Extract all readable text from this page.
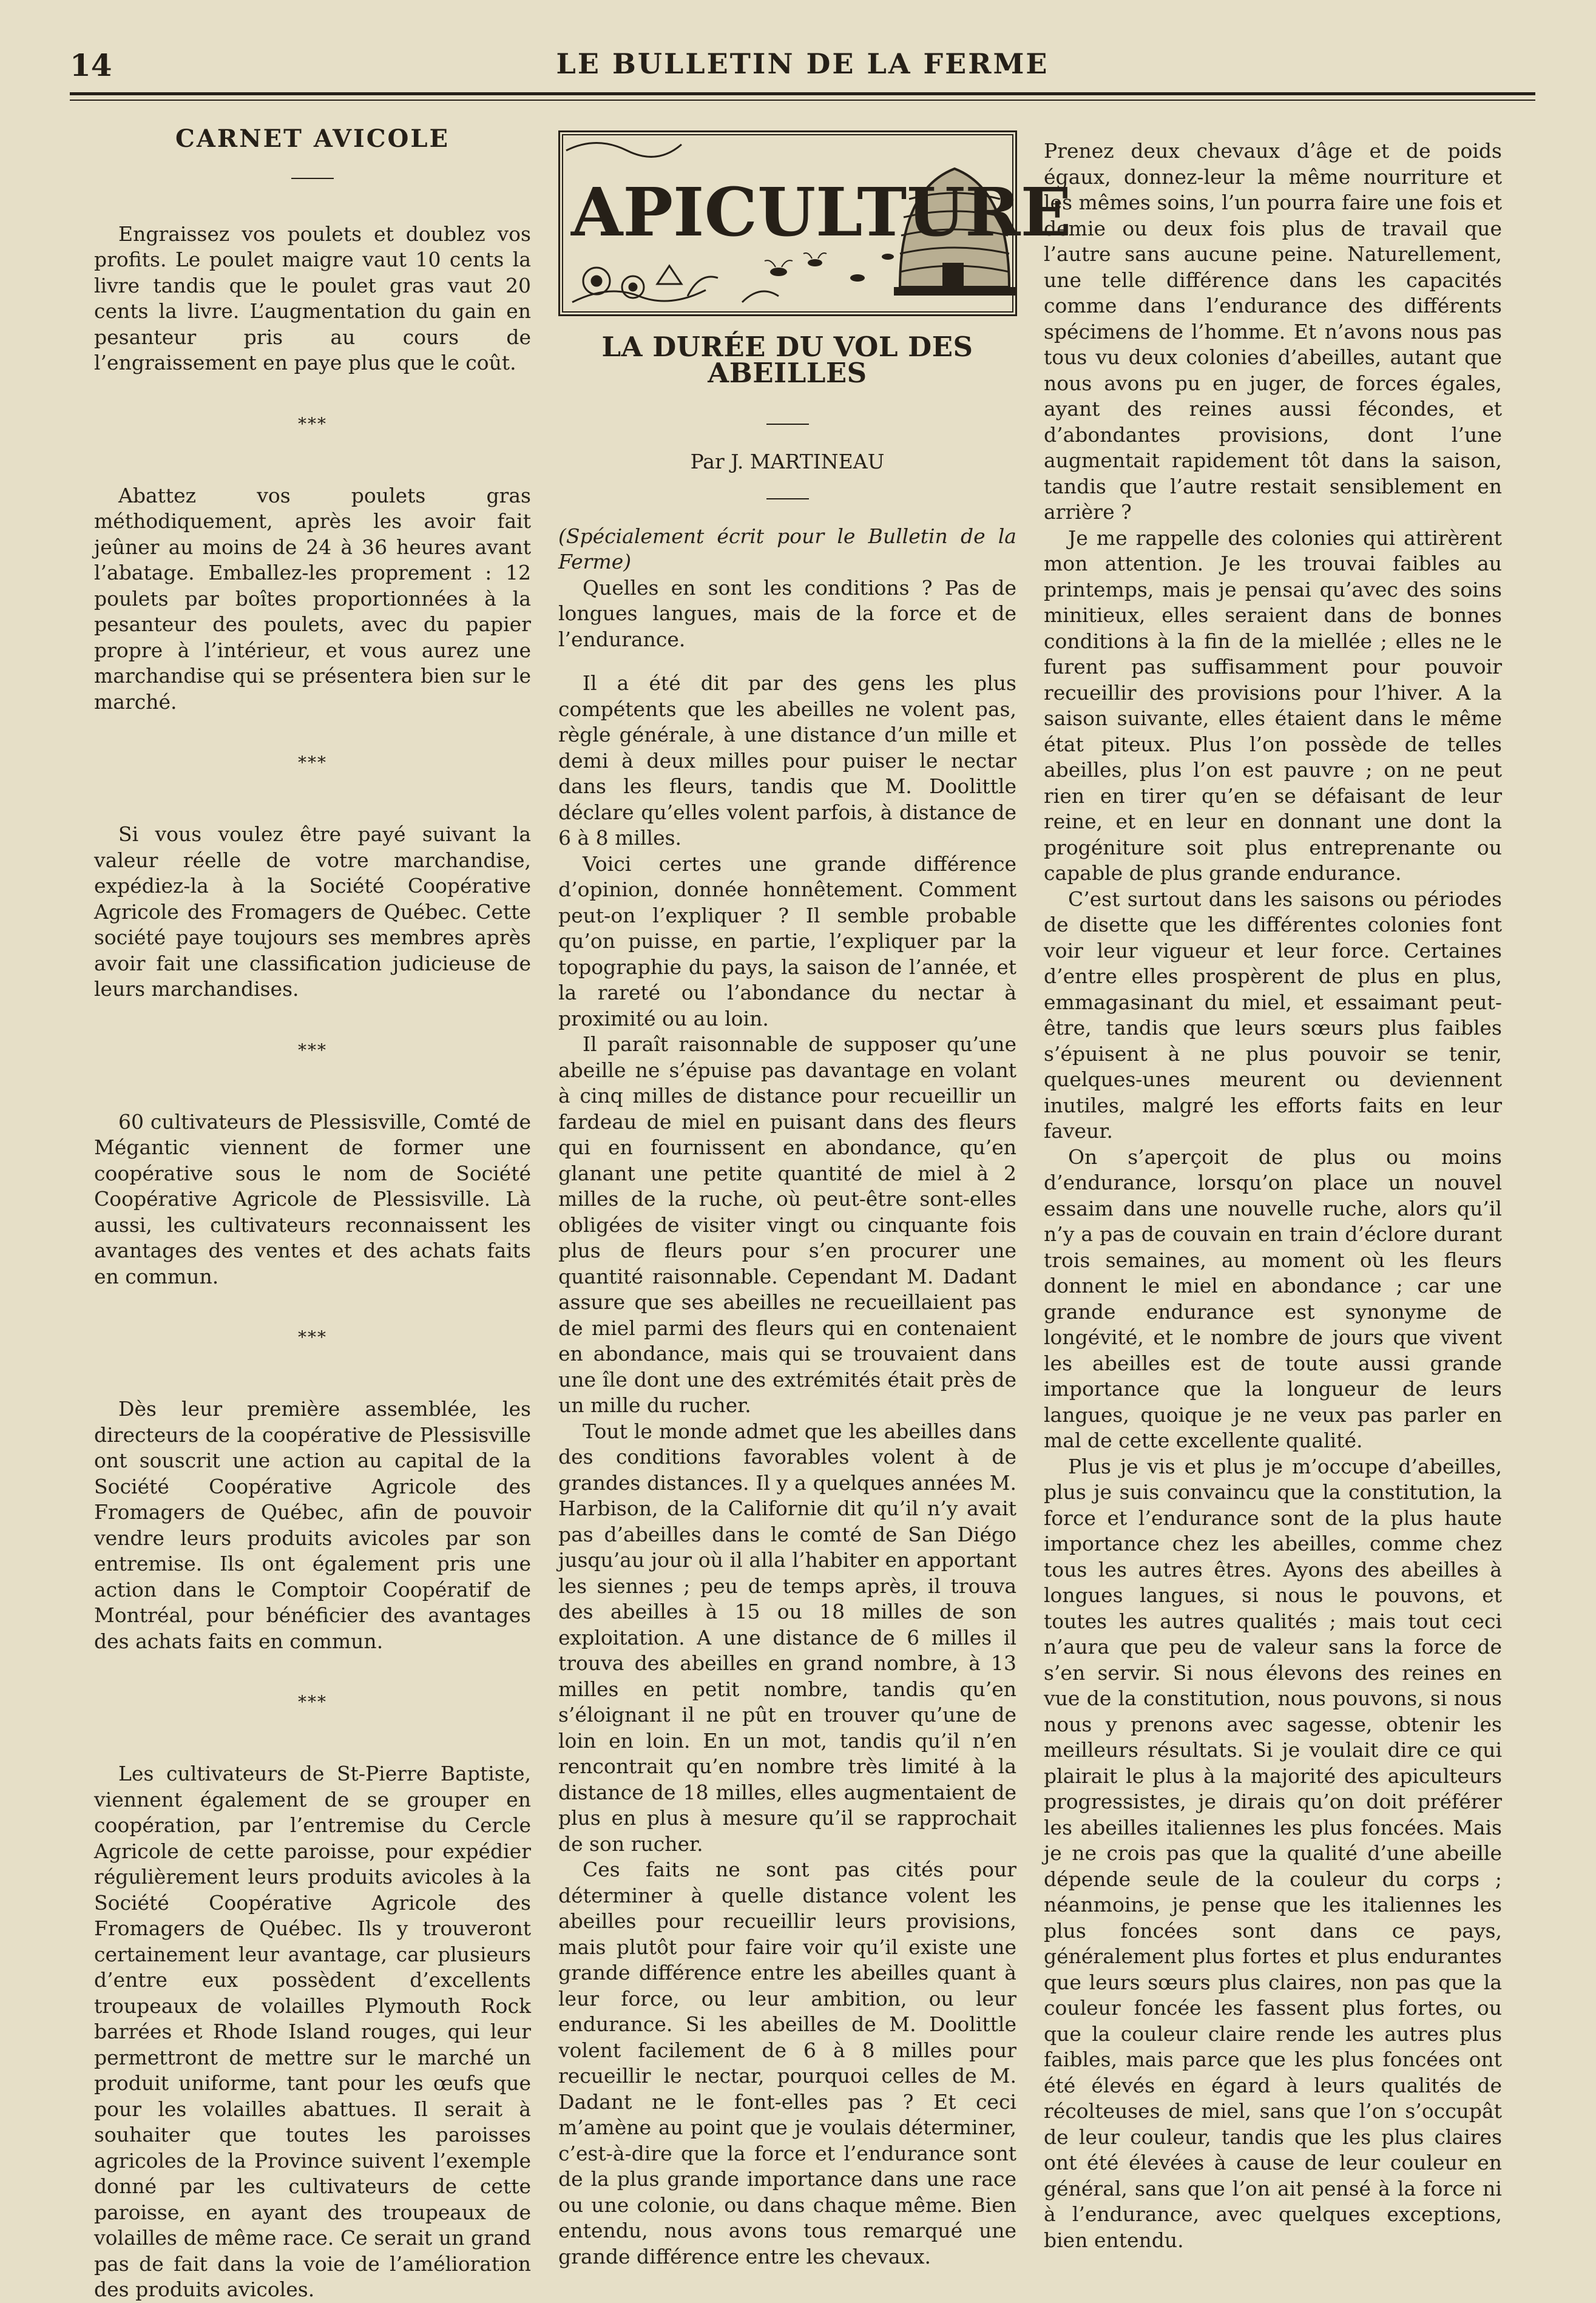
14	LE BULLETIN DE LA FERME
CARNET AVICOLE

Engraissez vos poulets et doublez vos profits. Le poulet maigre vaut 10 cents la livre tandis que le poulet gras vaut 20 cents la livre. L’augmentation du gain en pesanteur pris au cours de l’engraissement en paye plus que le coût.

***

Abattez vos poulets gras méthodiquement, après les avoir fait jeûner au moins de 24 à 36 heures avant l’abatage. Emballez-les proprement : 12 poulets par boîtes proportionnées à la pesanteur des poulets, avec du papier propre à l’intérieur, et vous aurez une marchandise qui se présentera bien sur le marché.

***

Si vous voulez être payé suivant la valeur réelle de votre marchandise, expédiez-la à la Société Coopérative Agricole des Fromagers de Québec. Cette société paye toujours ses membres après avoir fait une classification judicieuse de leurs marchandises.

***

60 cultivateurs de Plessisville, Comté de Mégantic viennent de former une coopérative sous le nom de Société Coopérative Agricole de Plessisville. Là aussi, les cultivateurs reconnaissent les avantages des ventes et des achats faits en commun.

***

Dès leur première assemblée, les directeurs de la coopérative de Plessisville ont souscrit une action au capital de la Société Coopérative Agricole des Fromagers de Québec, afin de pouvoir vendre leurs produits avicoles par son entremise. Ils ont également pris une action dans le Comptoir Coopératif de Montréal, pour bénéficier des avantages des achats faits en commun.

***

Les cultivateurs de St-Pierre Baptiste, viennent également de se grouper en coopération, par l’entremise du Cercle Agricole de cette paroisse, pour expédier régulièrement leurs produits avicoles à la Société Coopérative Agricole des Fromagers de Québec. Ils y trouveront certainement leur avantage, car plusieurs d’entre eux possèdent d’excellents troupeaux de volailles Plymouth Rock barrées et Rhode Island rouges, qui leur permettront de mettre sur le marché un produit uniforme, tant pour les œufs que pour les volailles abattues. Il serait à souhaiter que toutes les paroisses agricoles de la Province suivent l’exemple donné par les cultivateurs de cette paroisse, en ayant des troupeaux de volailles de même race. Ce serait un grand pas de fait dans la voie de l’amélioration des produits avicoles.

APICULTURE
LA DURÉE DU VOL DES ABEILLES
Par J. MARTINEAU

(Spécialement écrit pour le Bulletin de la Ferme)

Quelles en sont les conditions ? Pas de longues langues, mais de la force et de l’endurance.

Il a été dit par des gens les plus compétents que les abeilles ne volent pas, règle générale, à une distance d’un mille et demi à deux milles pour puiser le nectar dans les fleurs, tandis que M. Doolittle déclare qu’elles volent parfois, à distance de 6 à 8 milles.

Voici certes une grande différence d’opinion, donnée honnêtement. Comment peut-on l’expliquer ? Il semble probable qu’on puisse, en partie, l’expliquer par la topographie du pays, la saison de l’année, et la rareté ou l’abondance du nectar à proximité ou au loin.

Il paraît raisonnable de supposer qu’une abeille ne s’épuise pas davantage en volant à cinq milles de distance pour recueillir un fardeau de miel en puisant dans des fleurs qui en fournissent en abondance, qu’en glanant une petite quantité de miel à 2 milles de la ruche, où peut-être sont-elles obligées de visiter vingt ou cinquante fois plus de fleurs pour s’en procurer une quantité raisonnable. Cependant M. Dadant assure que ses abeilles ne recueillaient pas de miel parmi des fleurs qui en contenaient en abondance, mais qui se trouvaient dans une île dont une des extrémités était près de un mille du rucher.

Tout le monde admet que les abeilles dans des conditions favorables volent à de grandes distances. Il y a quelques années M. Harbison, de la Californie dit qu’il n’y avait pas d’abeilles dans le comté de San Diégo jusqu’au jour où il alla l’habiter en apportant les siennes ; peu de temps après, il trouva des abeilles à 15 ou 18 milles de son exploitation. A une distance de 6 milles il trouva des abeilles en grand nombre, à 13 milles en petit nombre, tandis qu’en s’éloignant il ne pût en trouver qu’une de loin en loin. En un mot, tandis qu’il n’en rencontrait qu’en nombre très limité à la distance de 18 milles, elles augmentaient de plus en plus à mesure qu’il se rapprochait de son rucher.

Ces faits ne sont pas cités pour déterminer à quelle distance volent les abeilles pour recueillir leurs provisions, mais plutôt pour faire voir qu’il existe une grande différence entre les abeilles quant à leur force, ou leur ambition, ou leur endurance. Si les abeilles de M. Doolittle volent facilement de 6 à 8 milles pour recueillir le nectar, pourquoi celles de M. Dadant ne le font-elles pas ? Et ceci m’amène au point que je voulais déterminer, c’est-à-dire que la force et l’endurance sont de la plus grande importance dans une race ou une colonie, ou dans chaque même. Bien entendu, nous avons tous remarqué une grande différence entre les chevaux.

Prenez deux chevaux d’âge et de poids égaux, donnez-leur la même nourriture et les mêmes soins, l’un pourra faire une fois et demie ou deux fois plus de travail que l’autre sans aucune peine. Naturellement, une telle différence dans les capacités comme dans l’endurance des différents spécimens de l’homme. Et n’avons nous pas tous vu deux colonies d’abeilles, autant que nous avons pu en juger, de forces égales, ayant des reines aussi fécondes, et d’abondantes provisions, dont l’une augmentait rapidement tôt dans la saison, tandis que l’autre restait sensiblement en arrière ?

Je me rappelle des colonies qui attirèrent mon attention. Je les trouvai faibles au printemps, mais je pensai qu’avec des soins minitieux, elles seraient dans de bonnes conditions à la fin de la miellée ; elles ne le furent pas suffisamment pour pouvoir recueillir des provisions pour l’hiver. A la saison suivante, elles étaient dans le même état piteux. Plus l’on possède de telles abeilles, plus l’on est pauvre ; on ne peut rien en tirer qu’en se défaisant de leur reine, et en leur en donnant une dont la progéniture soit plus entreprenante ou capable de plus grande endurance.

C’est surtout dans les saisons ou périodes de disette que les différentes colonies font voir leur vigueur et leur force. Certaines d’entre elles prospèrent de plus en plus, emmagasinant du miel, et essaimant peut-être, tandis que leurs sœurs plus faibles s’épuisent à ne plus pouvoir se tenir, quelques-unes meurent ou deviennent inutiles, malgré les efforts faits en leur faveur.

On s’aperçoit de plus ou moins d’endurance, lorsqu’on place un nouvel essaim dans une nouvelle ruche, alors qu’il n’y a pas de couvain en train d’éclore durant trois semaines, au moment où les fleurs donnent le miel en abondance ; car une grande endurance est synonyme de longévité, et le nombre de jours que vivent les abeilles est de toute aussi grande importance que la longueur de leurs langues, quoique je ne veux pas parler en mal de cette excellente qualité.

Plus je vis et plus je m’occupe d’abeilles, plus je suis convaincu que la constitution, la force et l’endurance sont de la plus haute importance chez les abeilles, comme chez tous les autres êtres. Ayons des abeilles à longues langues, si nous le pouvons, et toutes les autres qualités ; mais tout ceci n’aura que peu de valeur sans la force de s’en servir. Si nous élevons des reines en vue de la constitution, nous pouvons, si nous nous y prenons avec sagesse, obtenir les meilleurs résultats. Si je voulait dire ce qui plairait le plus à la majorité des apiculteurs progressistes, je dirais qu’on doit préférer les abeilles italiennes les plus foncées. Mais je ne crois pas que la qualité d’une abeille dépende seule de la couleur du corps ; néanmoins, je pense que les italiennes les plus foncées sont dans ce pays, généralement plus fortes et plus endurantes que leurs sœurs plus claires, non pas que la couleur foncée les fassent plus fortes, ou que la couleur claire rende les autres plus faibles, mais parce que les plus foncées ont été élevés en égard à leurs qualités de récolteuses de miel, sans que l’on s’occupât de leur couleur, tandis que les plus claires ont été élevées à cause de leur couleur en général, sans que l’on ait pensé à la force ni à l’endurance, avec quelques exceptions, bien entendu.
